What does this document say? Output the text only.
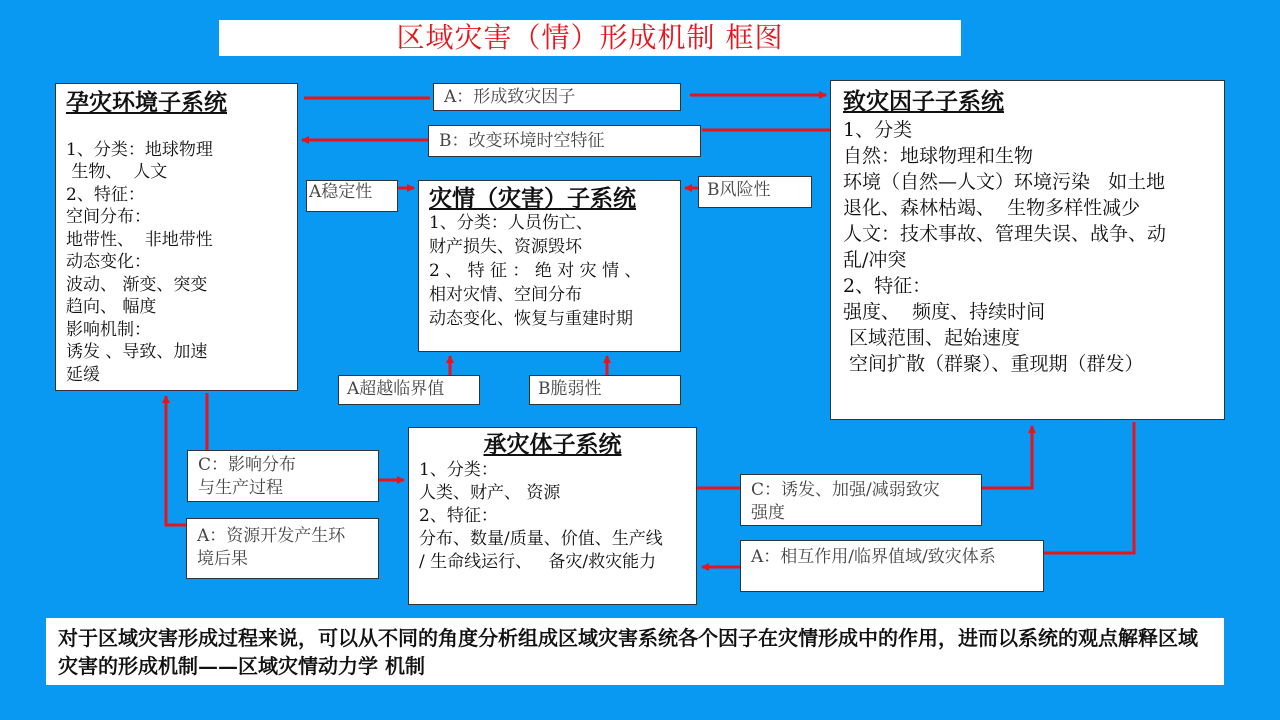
区域灾害（情）形成机制 框图
孕灾环境子系统
1、分类：地球物理
生物、  人文
2、特征：
空间分布：
地带性、  非地带性
动态变化：
波动、 渐变、突变
趋向、 幅度
影响机制：
诱发 、导致、加速
延缓
致灾因子子系统
1、分类
自然：地球物理和生物
环境（自然—人文）环境污染   如土地
退化、森林枯竭、  生物多样性减少
人文：技术事故、管理失误、战争、动
乱/冲突
2、特征：
强度、  频度、持续时间
区域范围、起始速度
空间扩散（群聚）、重现期（群发）
灾情（灾害）子系统
1、分类：人员伤亡、
财产损失、资源毁坏
2 、 特 征 ： 绝 对 灾 情 、
相对灾情、空间分布
动态变化、恢复与重建时期
承灾体子系统
1、分类：
人类、财产、 资源
2、特征：
分布、数量/质量、价值、生产线
/ 生命线运行、   备灾/救灾能力
A：形成致灾因子
B：改变环境时空特征
A稳定性	B风险性
A超越临界值	B脆弱性
C：影响分布
与生产过程
A：资源开发产生环
境后果
C：诱发、加强/减弱致灾
强度
A：相互作用/临界值域/致灾体系
对于区域灾害形成过程来说，可以从不同的角度分析组成区域灾害系统各个因子在灾情形成中的作用，进而以系统的观点解释区域灾害的形成机制——区域灾情动力学 机制
